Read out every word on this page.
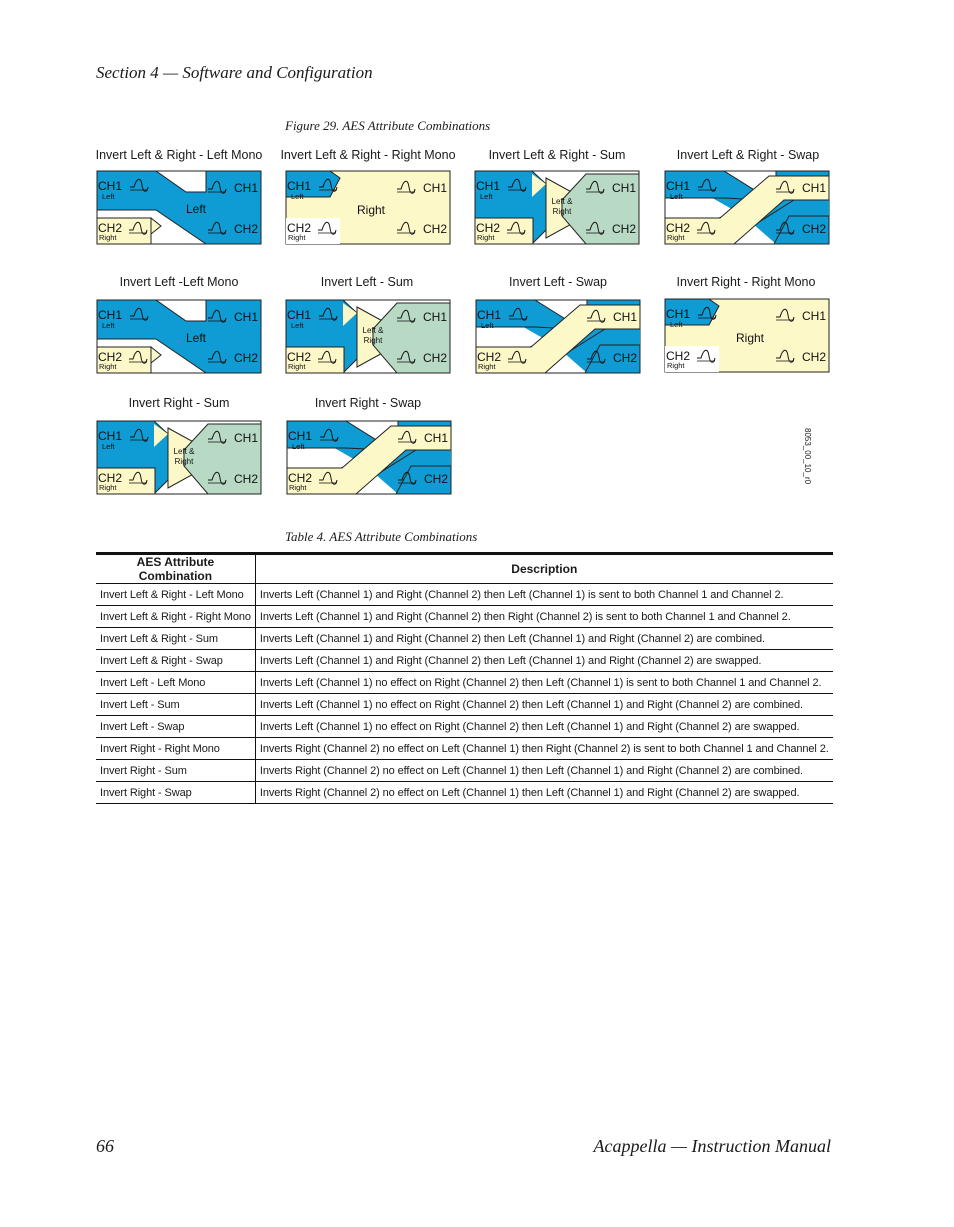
Section 4 — Software and Configuration
Figure 29. AES Attribute Combinations
Invert Left & Right - Left Mono
Left
CH1
Left
CH2
Right
CH1
CH2
Invert Left & Right - Right Mono
Right
CH1
Left
CH2
Right
CH1
CH2
Invert Left & Right - Sum
Left & Right
CH1
Left
CH2
Right
CH1
CH2
Invert Left & Right - Swap
CH1
Left
CH2
Right
CH1
CH2
Invert Left -Left Mono
Left
CH1
Left
CH2
Right
CH1
CH2
Invert Left - Sum
Left & Right
CH1
Left
CH2
Right
CH1
CH2
Invert Left - Swap
CH1
Left
CH2
Right
CH1
CH2
Invert Right - Right Mono
Right
CH1
Left
CH2
Right
CH1
CH2
Invert Right - Sum
Left & Right
CH1
Left
CH2
Right
CH1
CH2
Invert Right - Swap
CH1
Left
CH2
Right
CH1
CH2	8053_00_10_r0
Table 4. AES Attribute Combinations
AES Attribute Combination	Description
Invert Left & Right - Left Mono	Inverts Left (Channel 1) and Right (Channel 2) then Left (Channel 1) is sent to both Channel 1 and Channel 2.
Invert Left & Right - Right Mono	Inverts Left (Channel 1) and Right (Channel 2) then Right (Channel 2) is sent to both Channel 1 and Channel 2.
Invert Left & Right - Sum	Inverts Left (Channel 1) and Right (Channel 2) then Left (Channel 1) and Right (Channel 2) are combined.
Invert Left & Right - Swap	Inverts Left (Channel 1) and Right (Channel 2) then Left (Channel 1) and Right (Channel 2) are swapped.
Invert Left - Left Mono	Inverts Left (Channel 1) no effect on Right (Channel 2) then Left (Channel 1) is sent to both Channel 1 and Channel 2.
Invert Left - Sum	Inverts Left (Channel 1) no effect on Right (Channel 2) then Left (Channel 1) and Right (Channel 2) are combined.
Invert Left - Swap	Inverts Left (Channel 1) no effect on Right (Channel 2) then Left (Channel 1) and Right (Channel 2) are swapped.
Invert Right - Right Mono	Inverts Right (Channel 2) no effect on Left (Channel 1) then Right (Channel 2) is sent to both Channel 1 and Channel 2.
Invert Right - Sum	Inverts Right (Channel 2) no effect on Left (Channel 1) then Left (Channel 1) and Right (Channel 2) are combined.
Invert Right - Swap	Inverts Right (Channel 2) no effect on Left (Channel 1) then Left (Channel 1) and Right (Channel 2) are swapped.
66	Acappella — Instruction Manual
